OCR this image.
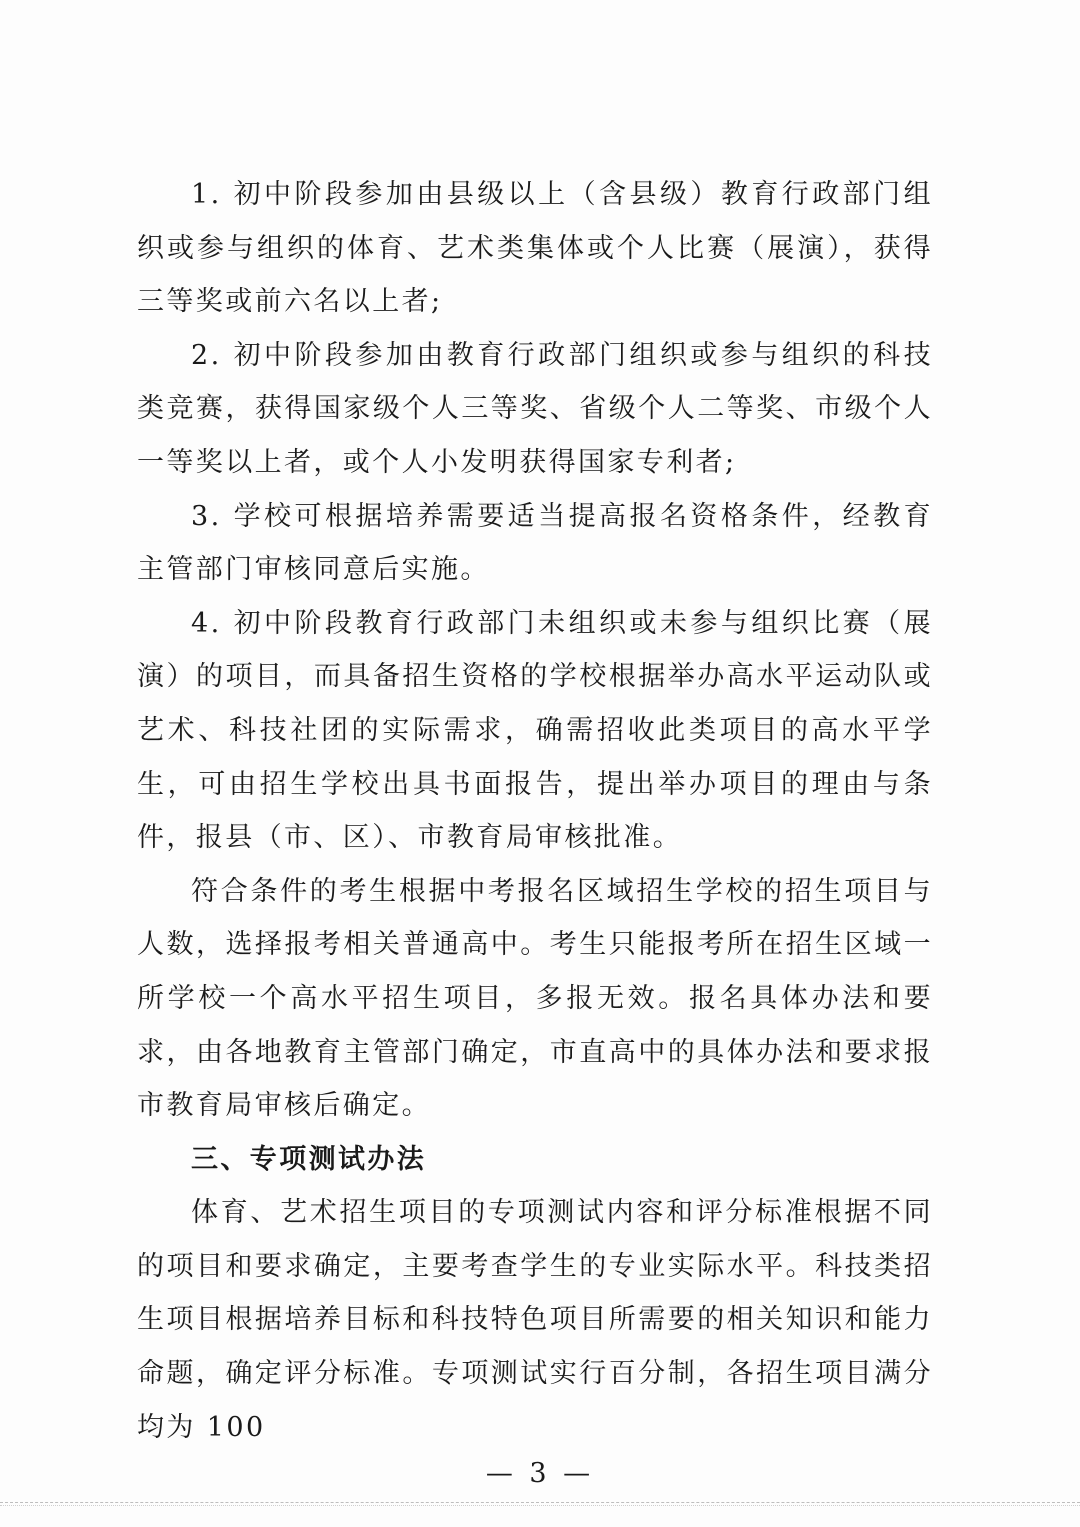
1. 初中阶段参加由县级以上（含县级）教育行政部门组织或参与组织的体育、艺术类集体或个人比赛（展演），获得三等奖或前六名以上者;

2. 初中阶段参加由教育行政部门组织或参与组织的科技类竞赛，获得国家级个人三等奖、省级个人二等奖、市级个人一等奖以上者，或个人小发明获得国家专利者;

3. 学校可根据培养需要适当提高报名资格条件，经教育主管部门审核同意后实施。

4. 初中阶段教育行政部门未组织或未参与组织比赛（展演）的项目，而具备招生资格的学校根据举办高水平运动队或艺术、科技社团的实际需求，确需招收此类项目的高水平学生，可由招生学校出具书面报告，提出举办项目的理由与条件，报县（市、区）、市教育局审核批准。

符合条件的考生根据中考报名区域招生学校的招生项目与人数，选择报考相关普通高中。考生只能报考所在招生区域一所学校一个高水平招生项目，多报无效。报名具体办法和要求，由各地教育主管部门确定，市直高中的具体办法和要求报市教育局审核后确定。

三、专项测试办法

体育、艺术招生项目的专项测试内容和评分标准根据不同的项目和要求确定，主要考查学生的专业实际水平。科技类招生项目根据培养目标和科技特色项目所需要的相关知识和能力命题，确定评分标准。专项测试实行百分制，各招生项目满分均为 100

— 3 —
